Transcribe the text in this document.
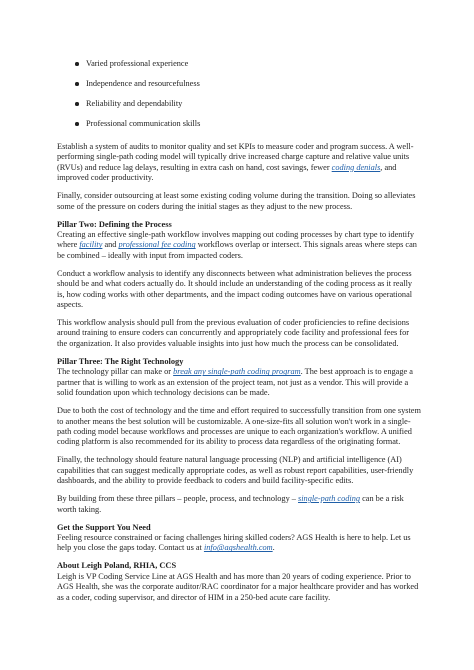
Varied professional experience
Independence and resourcefulness
Reliability and dependability
Professional communication skills

Establish a system of audits to monitor quality and set KPIs to measure coder and program success. A well-performing single-path coding model will typically drive increased charge capture and relative value units (RVUs) and reduce lag delays, resulting in extra cash on hand, cost savings, fewer coding denials, and improved coder productivity.

Finally, consider outsourcing at least some existing coding volume during the transition. Doing so alleviates some of the pressure on coders during the initial stages as they adjust to the new process.

Pillar Two: Defining the Process

Creating an effective single-path workflow involves mapping out coding processes by chart type to identify where facility and professional fee coding workflows overlap or intersect. This signals areas where steps can be combined – ideally with input from impacted coders.

Conduct a workflow analysis to identify any disconnects between what administration believes the process should be and what coders actually do. It should include an understanding of the coding process as it really is, how coding works with other departments, and the impact coding outcomes have on various operational aspects.

This workflow analysis should pull from the previous evaluation of coder proficiencies to refine decisions around training to ensure coders can concurrently and appropriately code facility and professional fees for the organization. It also provides valuable insights into just how much the process can be consolidated.

Pillar Three: The Right Technology

The technology pillar can make or break any single-path coding program. The best approach is to engage a partner that is willing to work as an extension of the project team, not just as a vendor. This will provide a solid foundation upon which technology decisions can be made.

Due to both the cost of technology and the time and effort required to successfully transition from one system to another means the best solution will be customizable. A one-size-fits all solution won't work in a single-path coding model because workflows and processes are unique to each organization's workflow. A unified coding platform is also recommended for its ability to process data regardless of the originating format.

Finally, the technology should feature natural language processing (NLP) and artificial intelligence (AI) capabilities that can suggest medically appropriate codes, as well as robust report capabilities, user-friendly dashboards, and the ability to provide feedback to coders and build facility-specific edits.

By building from these three pillars – people, process, and technology – single-path coding can be a risk worth taking.

Get the Support You Need

Feeling resource constrained or facing challenges hiring skilled coders? AGS Health is here to help. Let us help you close the gaps today. Contact us at info@agshealth.com.

About Leigh Poland, RHIA, CCS

Leigh is VP Coding Service Line at AGS Health and has more than 20 years of coding experience. Prior to AGS Health, she was the corporate auditor/RAC coordinator for a major healthcare provider and has worked as a coder, coding supervisor, and director of HIM in a 250-bed acute care facility.
